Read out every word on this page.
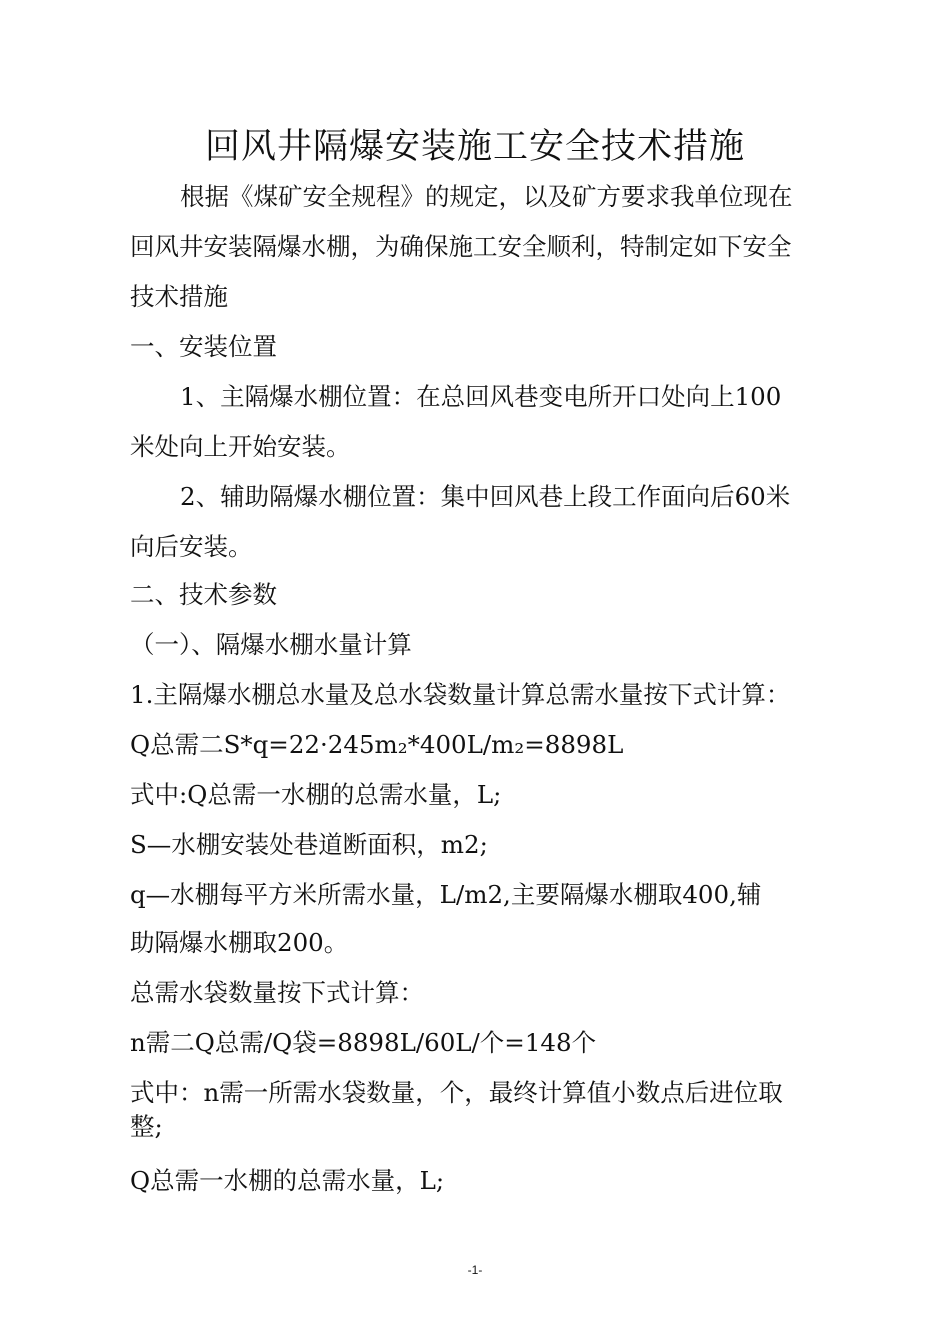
回风井隔爆安装施工安全技术措施
根据《煤矿安全规程》的规定，以及矿方要求我单位现在
回风井安装隔爆水棚，为确保施工安全顺利，特制定如下安全
技术措施
一、安装位置
1、主隔爆水棚位置：在总回风巷变电所开口处向上100
米处向上开始安装。
2、辅助隔爆水棚位置：集中回风巷上段工作面向后60米
向后安装。
二、技术参数
（一）、隔爆水棚水量计算
1.主隔爆水棚总水量及总水袋数量计算总需水量按下式计算：
Q总需二S*q=22·245m₂*400L/m₂=8898L
式中:Q总需一水棚的总需水量，L;
S—水棚安装处巷道断面积，m2;
q—水棚每平方米所需水量，L/m2,主要隔爆水棚取400,辅
助隔爆水棚取200。
总需水袋数量按下式计算：
n需二Q总需/Q袋=8898L/60L/个=148个
式中：n需一所需水袋数量，个，最终计算值小数点后进位取
整;
Q总需一水棚的总需水量，L;
-1-
